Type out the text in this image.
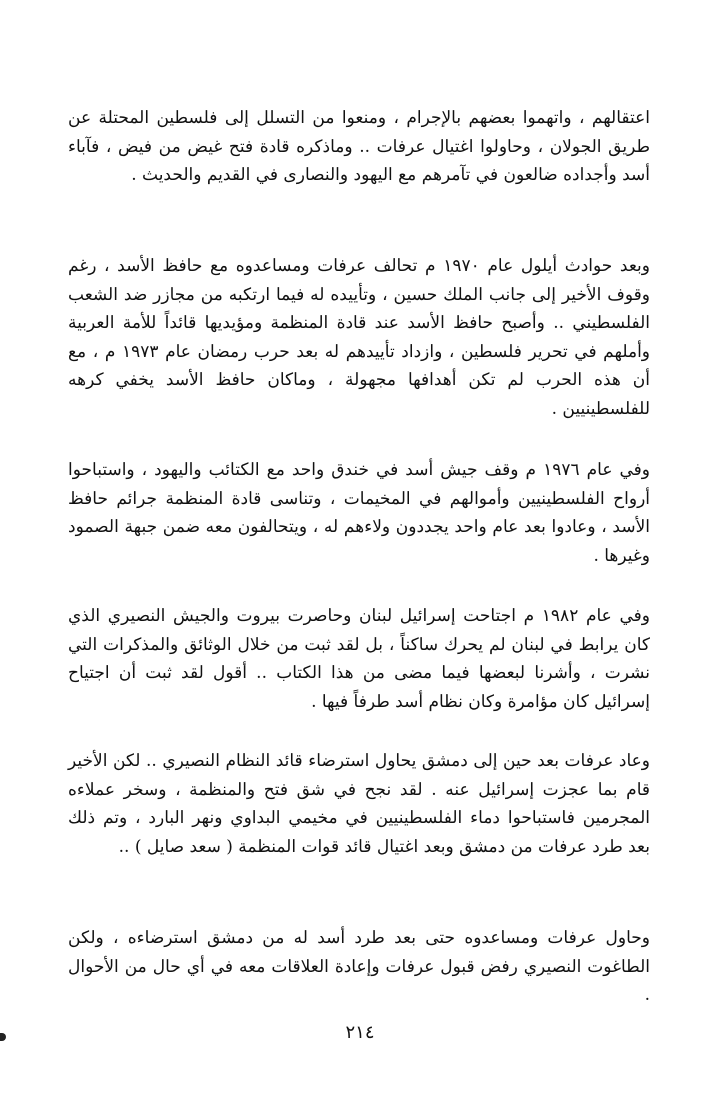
اعتقالهم ، واتهموا بعضهم بالإجرام ، ومنعوا من التسلل إلى فلسطين المحتلة عن طريق الجولان ، وحاولوا اغتيال عرفات .. وماذكره قادة فتح غيض من فيض ، فآباء أسد وأجداده ضالعون في تآمرهم مع اليهود والنصارى في القديم والحديث .

وبعد حوادث أيلول عام ١٩٧٠ م تحالف عرفات ومساعدوه مع حافظ الأسد ، رغم وقوف الأخير إلى جانب الملك حسين ، وتأييده له فيما ارتكبه من مجازر ضد الشعب الفلسطيني .. وأصبح حافظ الأسد عند قادة المنظمة ومؤيديها قائداً للأمة العربية وأملهم في تحرير فلسطين ، وازداد تأييدهم له بعد حرب رمضان عام ١٩٧٣ م ، مع أن هذه الحرب لم تكن أهدافها مجهولة ، وماكان حافظ الأسد يخفي كرهه للفلسطينيين .

وفي عام ١٩٧٦ م وقف جيش أسد في خندق واحد مع الكتائب واليهود ، واستباحوا أرواح الفلسطينيين وأموالهم في المخيمات ، وتناسى قادة المنظمة جرائم حافظ الأسد ، وعادوا بعد عام واحد يجددون ولاءهم له ، ويتحالفون معه ضمن جبهة الصمود وغيرها .

وفي عام ١٩٨٢ م اجتاحت إسرائيل لبنان وحاصرت بيروت والجيش النصيري الذي كان يرابط في لبنان لم يحرك ساكناً ، بل لقد ثبت من خلال الوثائق والمذكرات التي نشرت ، وأشرنا لبعضها فيما مضى من هذا الكتاب .. أقول لقد ثبت أن اجتياح إسرائيل كان مؤامرة وكان نظام أسد طرفاً فيها .

وعاد عرفات بعد حين إلى دمشق يحاول استرضاء قائد النظام النصيري .. لكن الأخير قام بما عجزت إسرائيل عنه . لقد نجح في شق فتح والمنظمة ، وسخر عملاءه المجرمين فاستباحوا دماء الفلسطينيين في مخيمي البداوي ونهر البارد ، وتم ذلك بعد طرد عرفات من دمشق وبعد اغتيال قائد قوات المنظمة ( سعد صايل ) ..

وحاول عرفات ومساعدوه حتى بعد طرد أسد له من دمشق استرضاءه ، ولكن الطاغوت النصيري رفض قبول عرفات وإعادة العلاقات معه في أي حال من الأحوال .

٢١٤
